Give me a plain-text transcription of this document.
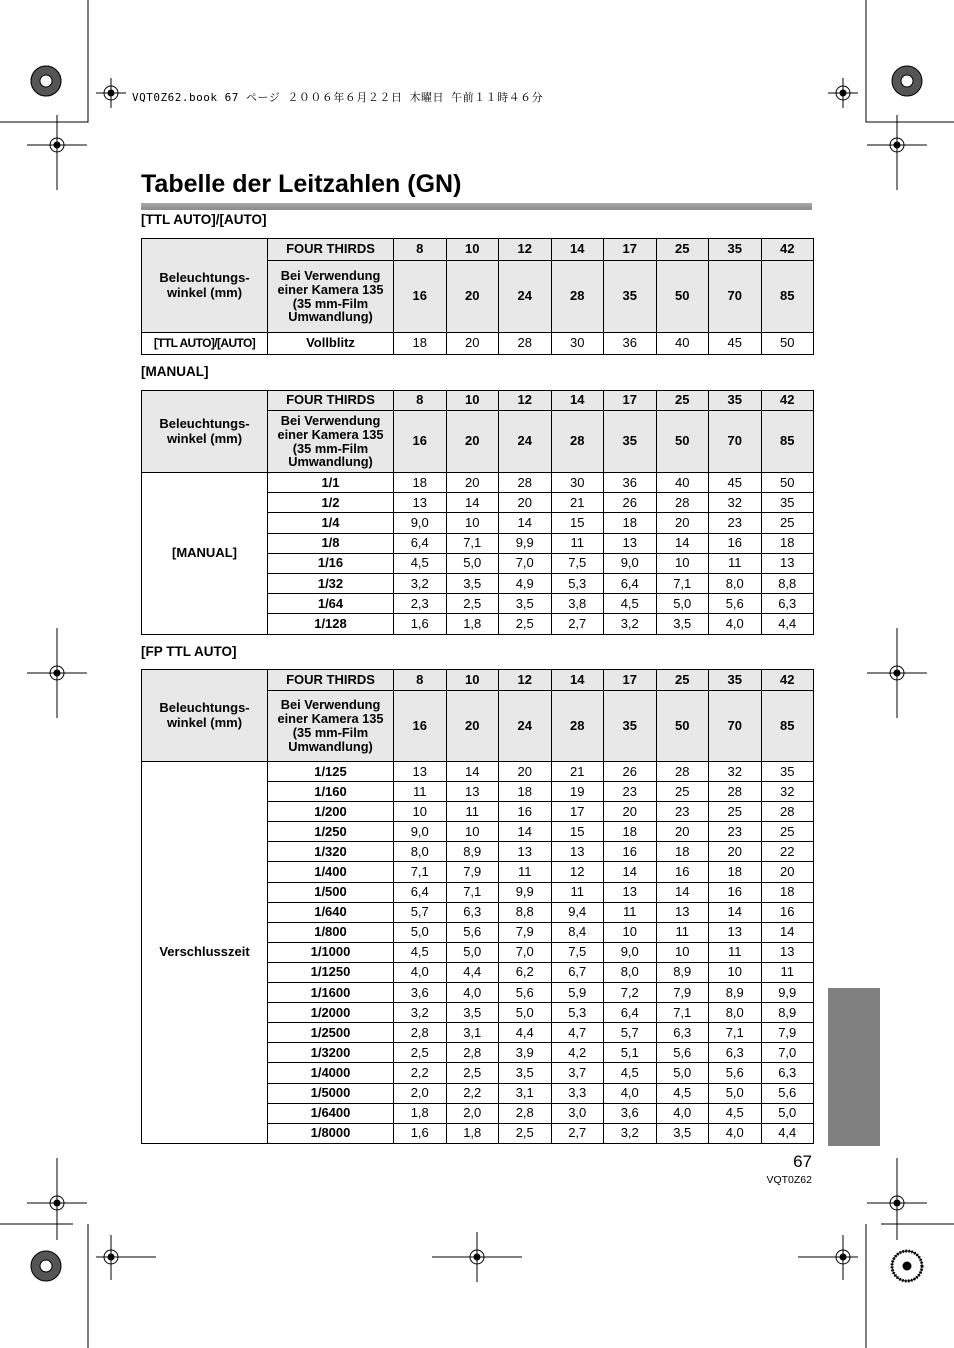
VQT0Z62.book 67 ページ ２００６年６月２２日 木曜日 午前１１時４６分
Tabelle der Leitzahlen (GN)
[TTL AUTO]/[AUTO]
Beleuchtungs-
winkel (mm)	FOUR THIRDS	8	10	12	14	17	25	35	42
	Bei Verwendung
einer Kamera 135
(35 mm-Film
Umwandlung)	16	20	24	28	35	50	70	85
[TTL AUTO]/[AUTO]	Vollblitz	18	20	28	30	36	40	45	50
[MANUAL]
Beleuchtungs-
winkel (mm)	FOUR THIRDS	8	10	12	14	17	25	35	42
	Bei Verwendung
einer Kamera 135
(35 mm-Film
Umwandlung)	16	20	24	28	35	50	70	85
[MANUAL]	1/1	18	20	28	30	36	40	45	50
	1/2	13	14	20	21	26	28	32	35
	1/4	9,0	10	14	15	18	20	23	25
	1/8	6,4	7,1	9,9	11	13	14	16	18
	1/16	4,5	5,0	7,0	7,5	9,0	10	11	13
	1/32	3,2	3,5	4,9	5,3	6,4	7,1	8,0	8,8
	1/64	2,3	2,5	3,5	3,8	4,5	5,0	5,6	6,3
	1/128	1,6	1,8	2,5	2,7	3,2	3,5	4,0	4,4
[FP TTL AUTO]
Beleuchtungs-
winkel (mm)	FOUR THIRDS	8	10	12	14	17	25	35	42
	Bei Verwendung
einer Kamera 135
(35 mm-Film
Umwandlung)	16	20	24	28	35	50	70	85
Verschlusszeit	1/125	13	14	20	21	26	28	32	35
	1/160	11	13	18	19	23	25	28	32
	1/200	10	11	16	17	20	23	25	28
	1/250	9,0	10	14	15	18	20	23	25
	1/320	8,0	8,9	13	13	16	18	20	22
	1/400	7,1	7,9	11	12	14	16	18	20
	1/500	6,4	7,1	9,9	11	13	14	16	18
	1/640	5,7	6,3	8,8	9,4	11	13	14	16
	1/800	5,0	5,6	7,9	8,4	10	11	13	14
	1/1000	4,5	5,0	7,0	7,5	9,0	10	11	13
	1/1250	4,0	4,4	6,2	6,7	8,0	8,9	10	11
	1/1600	3,6	4,0	5,6	5,9	7,2	7,9	8,9	9,9
	1/2000	3,2	3,5	5,0	5,3	6,4	7,1	8,0	8,9
	1/2500	2,8	3,1	4,4	4,7	5,7	6,3	7,1	7,9
	1/3200	2,5	2,8	3,9	4,2	5,1	5,6	6,3	7,0
	1/4000	2,2	2,5	3,5	3,7	4,5	5,0	5,6	6,3
	1/5000	2,0	2,2	3,1	3,3	4,0	4,5	5,0	5,6
	1/6400	1,8	2,0	2,8	3,0	3,6	4,0	4,5	5,0
	1/8000	1,6	1,8	2,5	2,7	3,2	3,5	4,0	4,4
67
VQT0Z62
